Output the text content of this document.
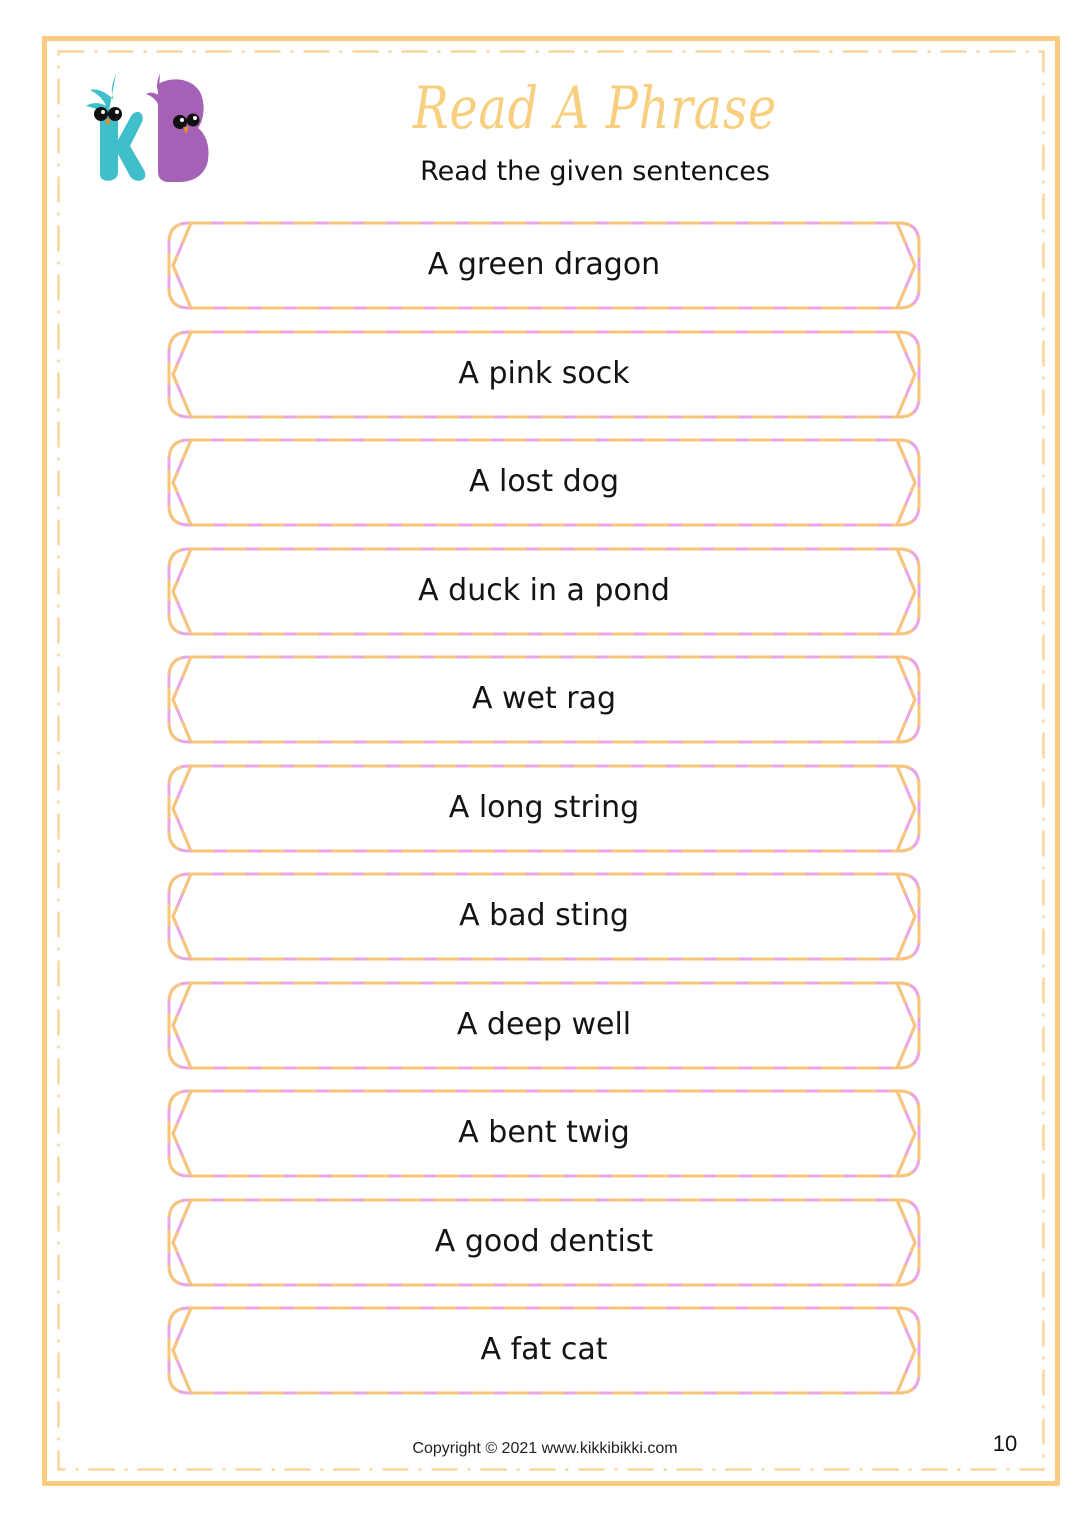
Read A Phrase
Read the given sentences
A green dragon
A pink sock
A lost dog
A duck in a pond
A wet rag
A long string
A bad sting
A deep well
A bent twig
A good dentist
A fat cat
Copyright © 2021 www.kikkibikki.com	10
